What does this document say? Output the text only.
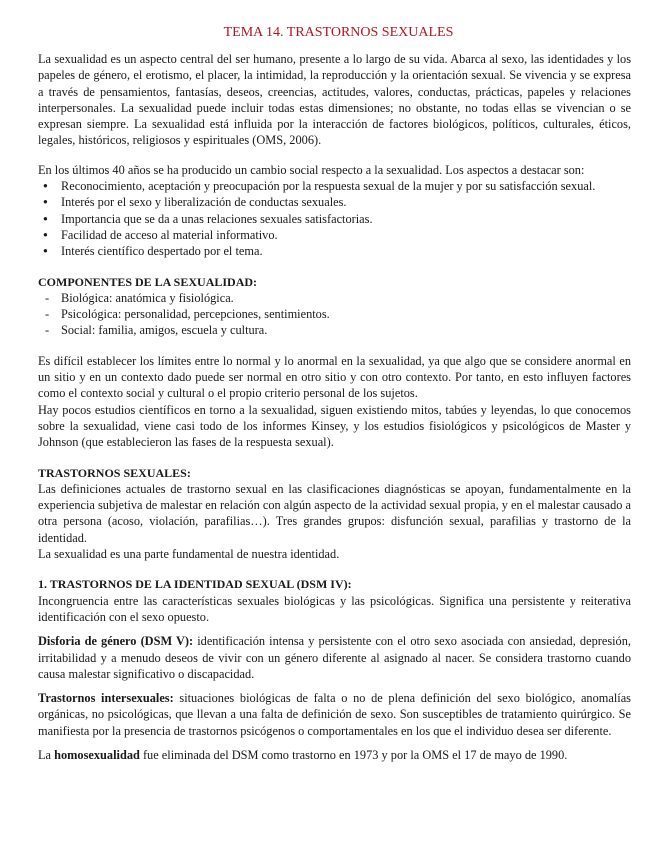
TEMA 14. TRASTORNOS SEXUALES

La sexualidad es un aspecto central del ser humano, presente a lo largo de su vida. Abarca al sexo, las identidades y los papeles de género, el erotismo, el placer, la intimidad, la reproducción y la orientación sexual. Se vivencia y se expresa a través de pensamientos, fantasías, deseos, creencias, actitudes, valores, conductas, prácticas, papeles y relaciones interpersonales. La sexualidad puede incluir todas estas dimensiones; no obstante, no todas ellas se vivencian o se expresan siempre. La sexualidad está influida por la interacción de factores biológicos, políticos, culturales, éticos, legales, históricos, religiosos y espirituales (OMS, 2006).

En los últimos 40 años se ha producido un cambio social respecto a la sexualidad. Los aspectos a destacar son:

● Reconocimiento, aceptación y preocupación por la respuesta sexual de la mujer y por su satisfacción sexual.
● Interés por el sexo y liberalización de conductas sexuales.
● Importancia que se da a unas relaciones sexuales satisfactorias.
● Facilidad de acceso al material informativo.
● Interés científico despertado por el tema.
COMPONENTES DE LA SEXUALIDAD:
- Biológica: anatómica y fisiológica.
- Psicológica: personalidad, percepciones, sentimientos.
- Social: familia, amigos, escuela y cultura.

Es difícil establecer los límites entre lo normal y lo anormal en la sexualidad, ya que algo que se considere anormal en un sitio y en un contexto dado puede ser normal en otro sitio y con otro contexto. Por tanto, en esto influyen factores como el contexto social y cultural o el propio criterio personal de los sujetos.

Hay pocos estudios científicos en torno a la sexualidad, siguen existiendo mitos, tabúes y leyendas, lo que conocemos sobre la sexualidad, viene casi todo de los informes Kinsey, y los estudios fisiológicos y psicológicos de Master y Johnson (que establecieron las fases de la respuesta sexual).

TRASTORNOS SEXUALES:

Las definiciones actuales de trastorno sexual en las clasificaciones diagnósticas se apoyan, fundamentalmente en la experiencia subjetiva de malestar en relación con algún aspecto de la actividad sexual propia, y en el malestar causado a otra persona (acoso, violación, parafilias…). Tres grandes grupos: disfunción sexual, parafilias y trastorno de la identidad.

La sexualidad es una parte fundamental de nuestra identidad.

1. TRASTORNOS DE LA IDENTIDAD SEXUAL (DSM IV):

Incongruencia entre las características sexuales biológicas y las psicológicas. Significa una persistente y reiterativa identificación con el sexo opuesto.

Disforia de género (DSM V): identificación intensa y persistente con el otro sexo asociada con ansiedad, depresión, irritabilidad y a menudo deseos de vivir con un género diferente al asignado al nacer. Se considera trastorno cuando causa malestar significativo o discapacidad.

Trastornos intersexuales: situaciones biológicas de falta o no de plena definición del sexo biológico, anomalías orgánicas, no psicológicas, que llevan a una falta de definición de sexo. Son susceptibles de tratamiento quirúrgico. Se manifiesta por la presencia de trastornos psicógenos o comportamentales en los que el individuo desea ser diferente.

La homosexualidad fue eliminada del DSM como trastorno en 1973 y por la OMS el 17 de mayo de 1990.
